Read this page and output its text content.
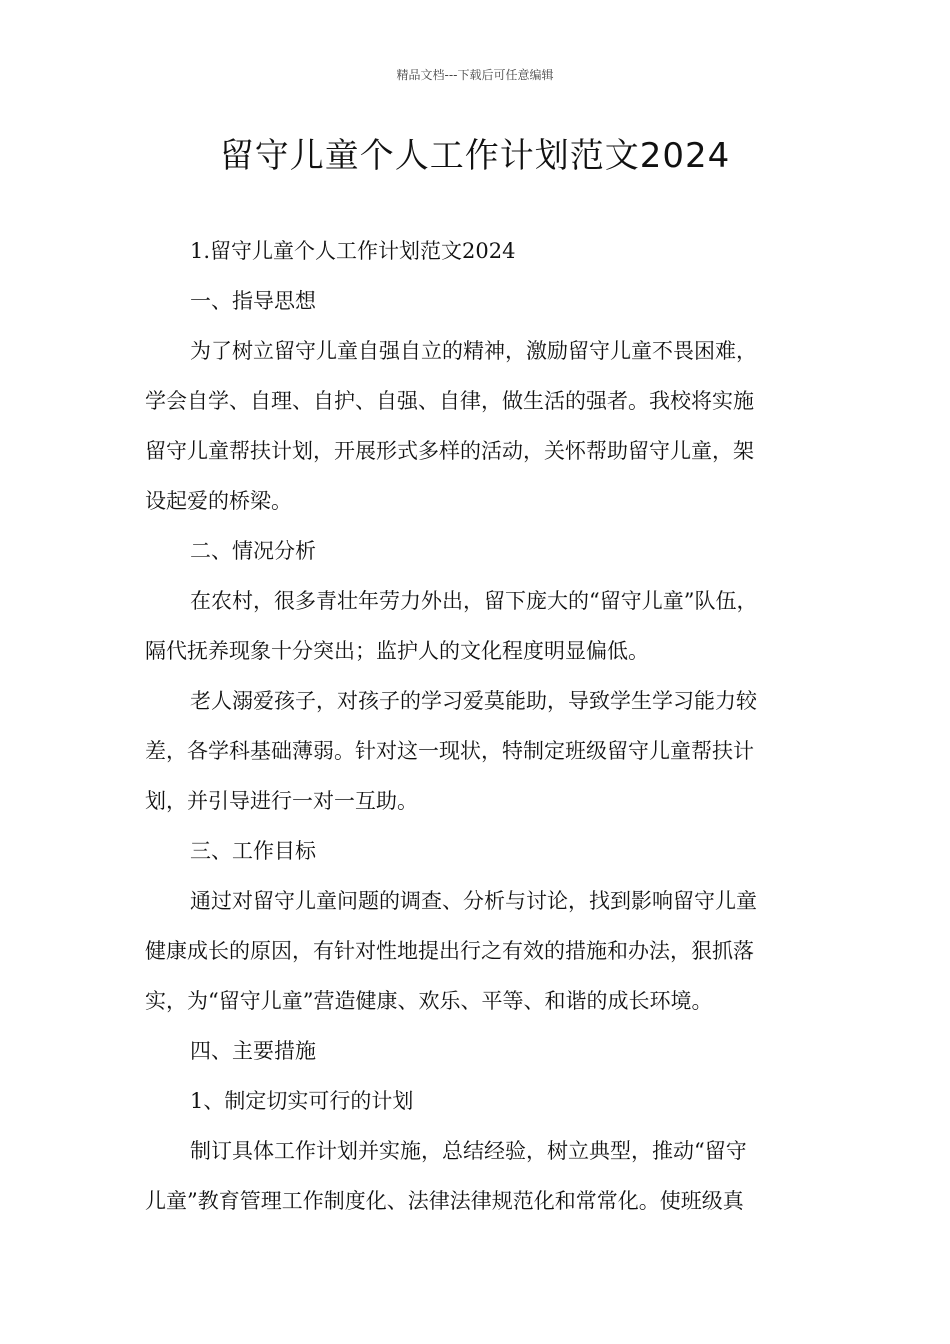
精品文档---下载后可任意编辑
留守儿童个人工作计划范文2024
1.留守儿童个人工作计划范文2024
一、指导思想
为了树立留守儿童自强自立的精神，激励留守儿童不畏困难，
学会自学、自理、自护、自强、自律，做生活的强者。我校将实施
留守儿童帮扶计划，开展形式多样的活动，关怀帮助留守儿童，架
设起爱的桥梁。
二、情况分析
在农村，很多青壮年劳力外出，留下庞大的“留守儿童”队伍，
隔代抚养现象十分突出；监护人的文化程度明显偏低。
老人溺爱孩子，对孩子的学习爱莫能助，导致学生学习能力较
差，各学科基础薄弱。针对这一现状，特制定班级留守儿童帮扶计
划，并引导进行一对一互助。
三、工作目标
通过对留守儿童问题的调查、分析与讨论，找到影响留守儿童
健康成长的原因，有针对性地提出行之有效的措施和办法，狠抓落
实，为“留守儿童”营造健康、欢乐、平等、和谐的成长环境。
四、主要措施
1、制定切实可行的计划
制订具体工作计划并实施，总结经验，树立典型，推动“留守
儿童”教育管理工作制度化、法律法律规范化和常常化。使班级真
